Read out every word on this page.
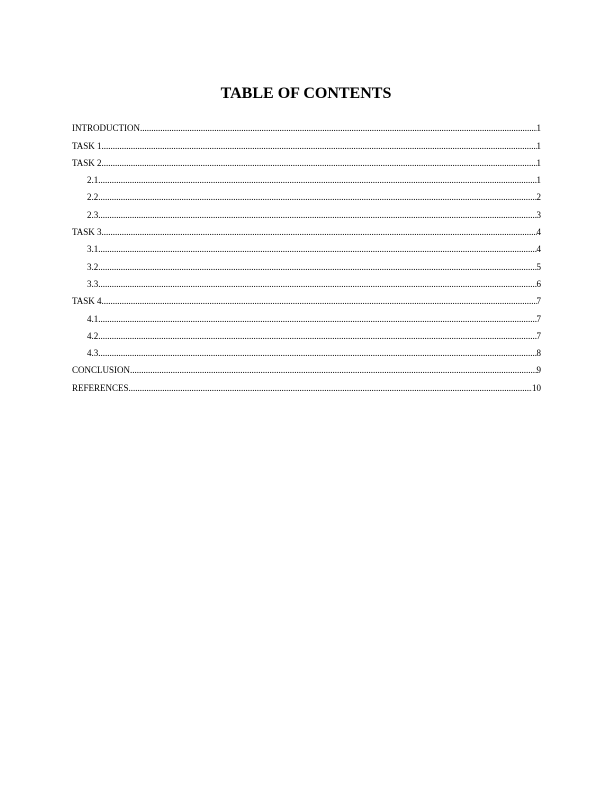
TABLE OF CONTENTS
INTRODUCTION .....	1
TASK 1 .....	1
TASK 2 .....	1
2.1 .....	1
2.2 .....	2
2.3 .....	3
TASK 3 .....	4
3.1 .....	4
3.2 .....	5
3.3 .....	6
TASK 4 .....	7
4.1 .....	7
4.2 .....	7
4.3 .....	8
CONCLUSION .....	9
REFERENCES .....	10
